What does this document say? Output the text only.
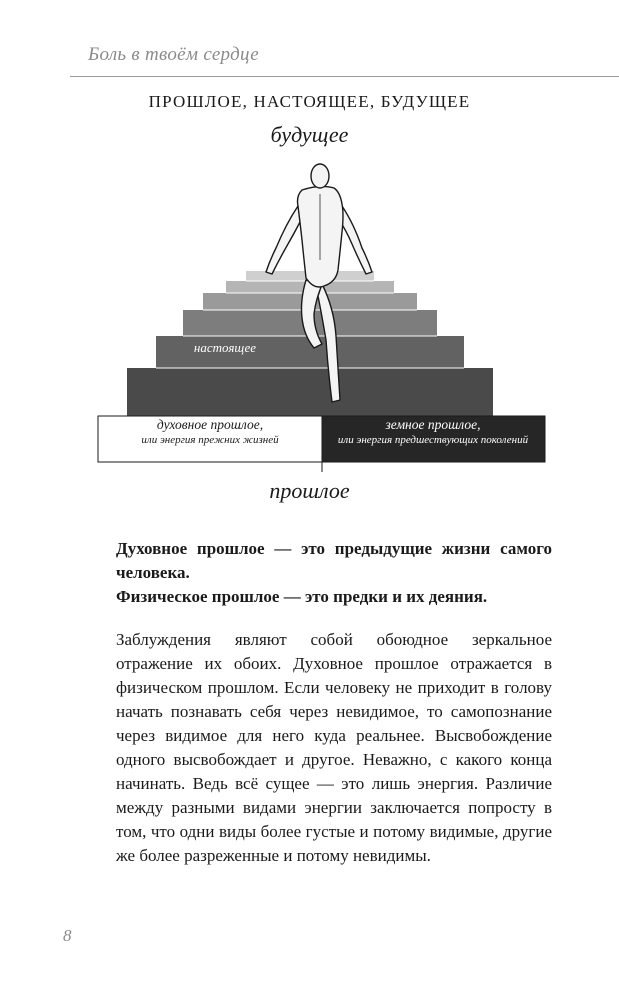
Боль в твоём сердце
ПРОШЛОЕ, НАСТОЯЩЕЕ, БУДУЩЕЕ
будущее
настоящее
духовное прошлое,
или энергия прежних жизней
земное прошлое,
или энергия предшествующих поколений
прошлое

Духовное прошлое — это предыдущие жизни самого человека.

Физическое прошлое — это предки и их деяния.

Заблуждения являют собой обоюдное зеркальное отражение их обоих. Духовное прошлое отражается в физическом прошлом. Если человеку не приходит в голову начать познавать себя через невидимое, то самопознание через видимое для него куда реальнее. Высвобождение одного высвобождает и другое. Неважно, с какого конца начинать. Ведь всё сущее — это лишь энергия. Различие между разными видами энергии заключается попросту в том, что одни виды более густые и потому видимые, другие же более разреженные и потому невидимы.

8
